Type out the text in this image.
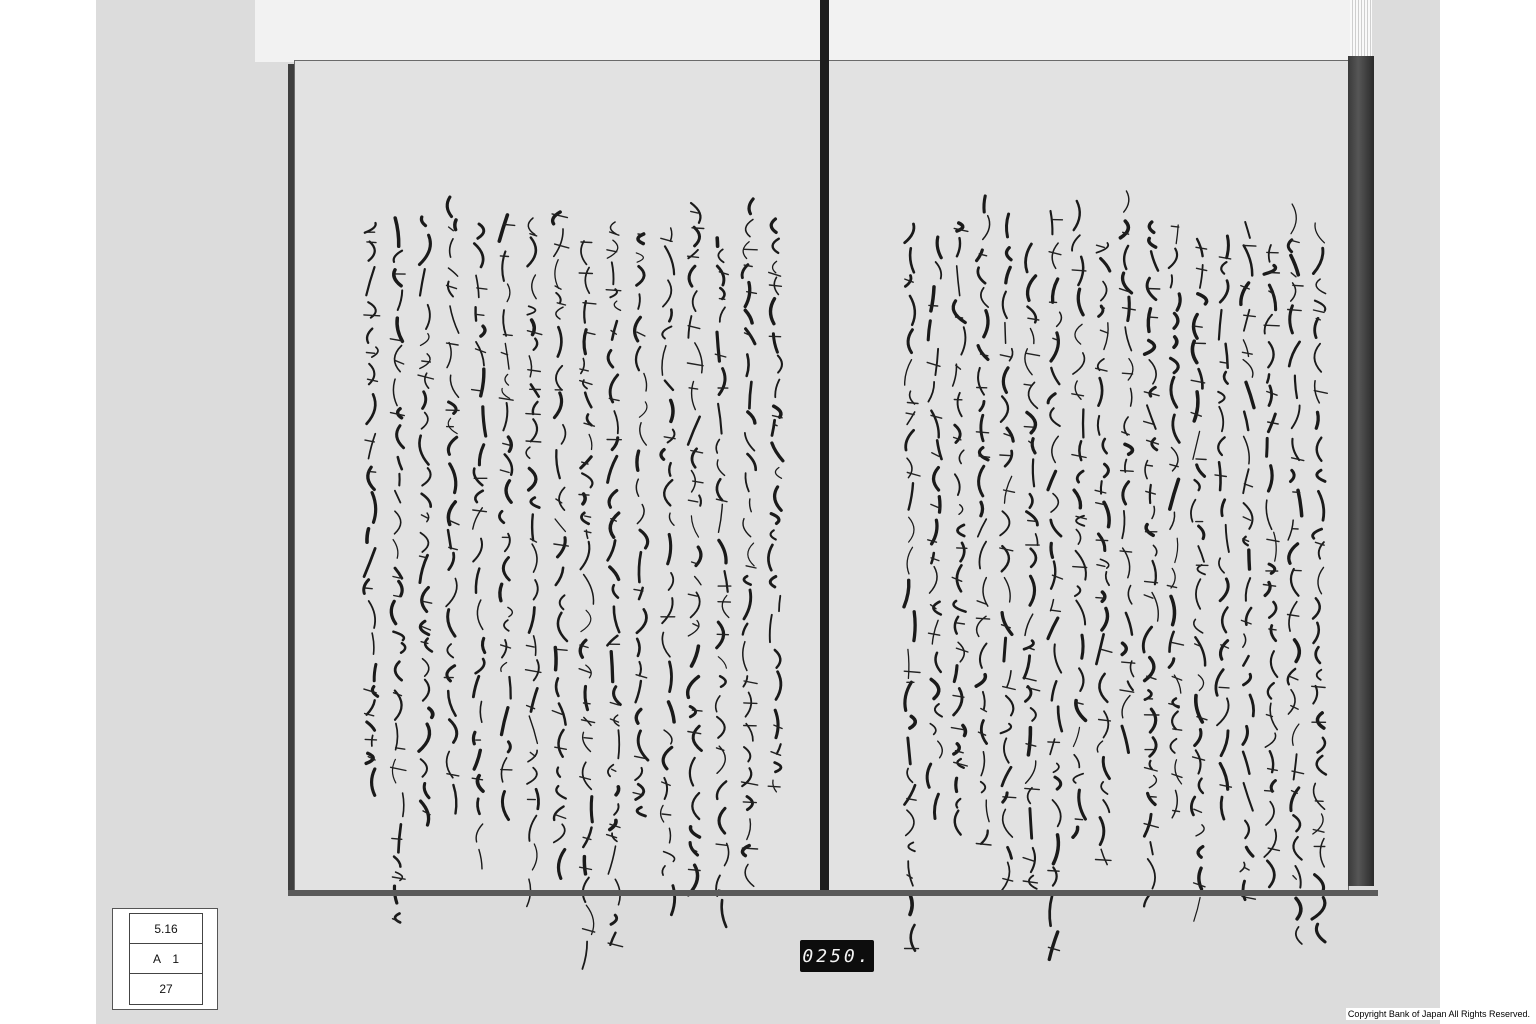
5.16
A　1
27
0250.
Copyright Bank of Japan All Rights Reserved.
